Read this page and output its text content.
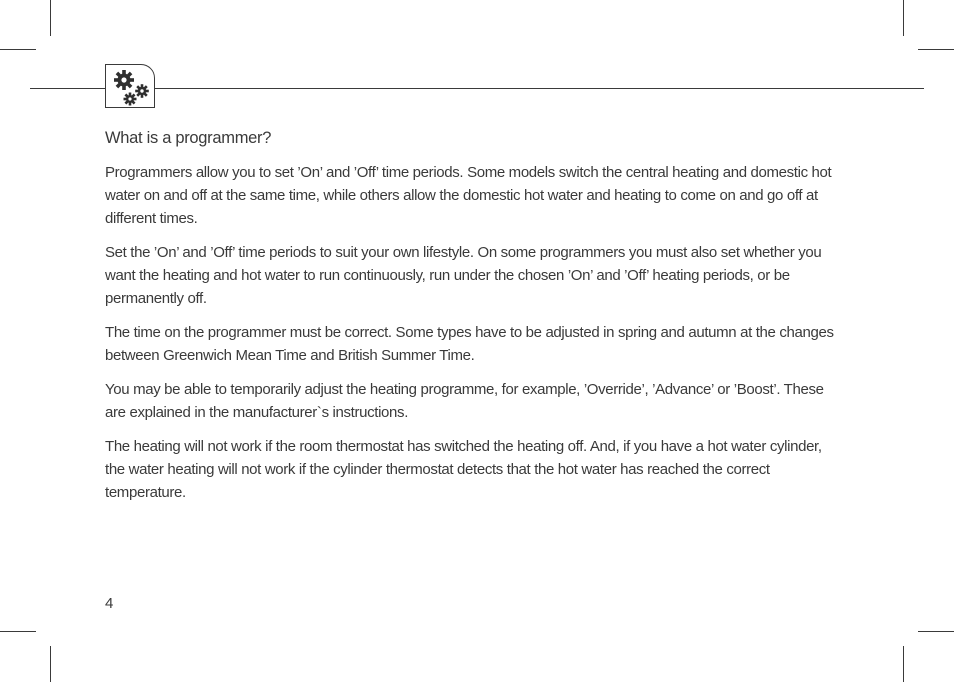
What is a programmer?

Programmers allow you to set ’On’ and ’Off’ time periods. Some models switch the central heating and domestic hot water on and off at the same time, while others allow the domestic hot water and heating to come on and go off at different times.

Set the ’On’ and ’Off’ time periods to suit your own lifestyle. On some programmers you must also set whether you want the heating and hot water to run continuously, run under the chosen ’On’ and ’Off’ heating periods, or be permanently off.

The time on the programmer must be correct. Some types have to be adjusted in spring and autumn at the changes between Greenwich Mean Time and British Summer Time.

You may be able to temporarily adjust the heating programme, for example, ’Override’, ’Advance’ or ’Boost’. These are explained in the manufacturer`s instructions.

The heating will not work if the room thermostat has switched the heating off. And, if you have a hot water cylinder, the water heating will not work if the cylinder thermostat detects that the hot water has reached the correct temperature.

4
